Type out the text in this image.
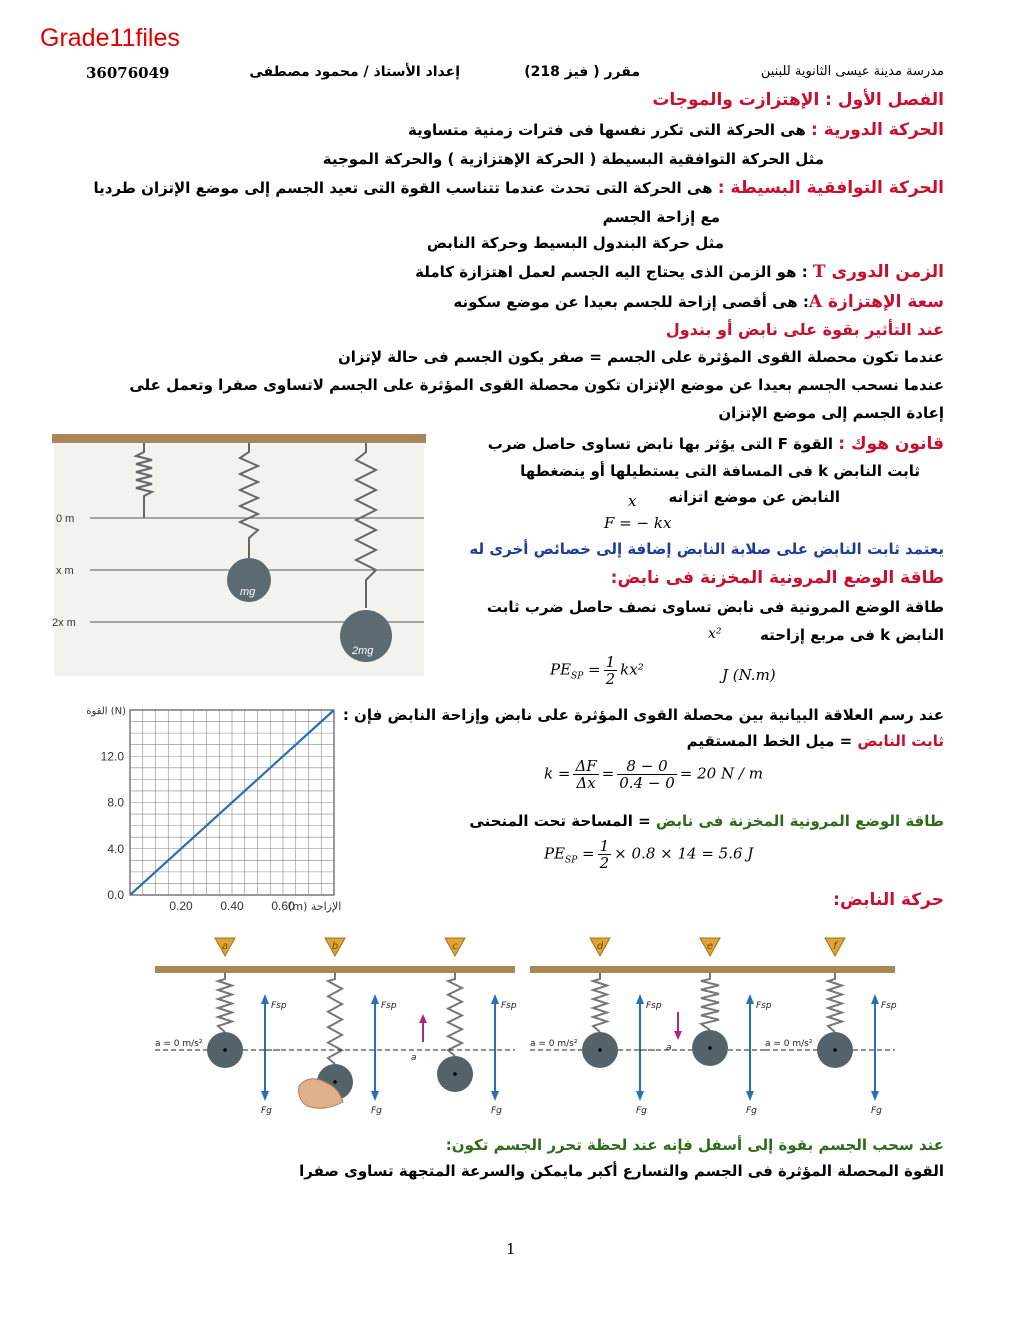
Grade11files
36076049	إعداد الأستاذ / محمود مصطفى	مقرر ( فيز 218)	مدرسة مدينة عيسى الثانوية للبنين
الفصل الأول : الإهتزازت والموجات
الحركة الدورية : هى الحركة التى تكرر نفسها فى فترات زمنية متساوية
مثل الحركة التوافقية البسيطة ( الحركة الإهتزازية ) والحركة الموجية
الحركة التوافقية البسيطة : هى الحركة التى تحدث عندما تتناسب القوة التى تعيد الجسم إلى موضع الإتزان طرديا
مع إزاحة الجسم
مثل حركة البندول البسيط وحركة النابض
الزمن الدورى T : هو الزمن الذى يحتاج اليه الجسم لعمل اهتزازة كاملة
سعة الإهتزازة A: هى أقصى إزاحة للجسم بعيدا عن موضع سكونه
عند التأثير بقوة على نابض أو بندول
عندما تكون محصلة القوى المؤثرة على الجسم = صفر يكون الجسم فى حالة لإتزان
عندما نسحب الجسم بعيدا عن موضع الإتزان تكون محصلة القوى المؤثرة على الجسم لاتساوى صفرا وتعمل على
إعادة الجسم إلى موضع الإتزان
0 m
x m
2x m
mg
2mg
قانون هوك : القوة F التى يؤثر بها نابض تساوى حاصل ضرب
ثابت النابض k فى المسافة التى يستطيلها أو ينضغطها
النابض عن موضع اتزانه
x
F = − kx
يعتمد ثابت النابض على صلابة النابض إضافة إلى خصائص أخرى له
طاقة الوضع المرونية المخزنة فى نابض:
طاقة الوضع المرونية فى نابض تساوى نصف حاصل ضرب ثابت
النابض k فى مربع إزاحته
x²
$PE_{SP} = \frac{1}{2} kx^2$	J (N.m)
0.0
4.0
8.0
12.0
0.20 0.40 0.60
(m) الإزاحة
القوة (N)	عند رسم العلاقة البيانية بين محصلة القوى المؤثرة على نابض وإزاحة النابض فإن :
ثابت النابض = ميل الخط المستقيم
$k = \frac{\Delta F}{\Delta x} = \frac{8 - 0}{0.4 - 0} = 20$ N / m
طاقة الوضع المرونية المخزنة فى نابض = المساحة تحت المنحنى
$PE_{SP} = \frac{1}{2} \times 0.8 \times 14 = 5.6$ J
حركة النابض:
a
Fsp
Fg
a = 0 m/s²
b
Fsp
Fg
c
Fsp
Fg
a
d
Fsp
Fg
a = 0 m/s²
e
Fsp
Fg
a
f
Fsp
Fg
a = 0 m/s²
عند سحب الجسم بقوة إلى أسفل فإنه عند لحظة تحرر الجسم تكون:
القوة المحصلة المؤثرة فى الجسم والتسارع أكبر مايمكن والسرعة المتجهة تساوى صفرا
1
